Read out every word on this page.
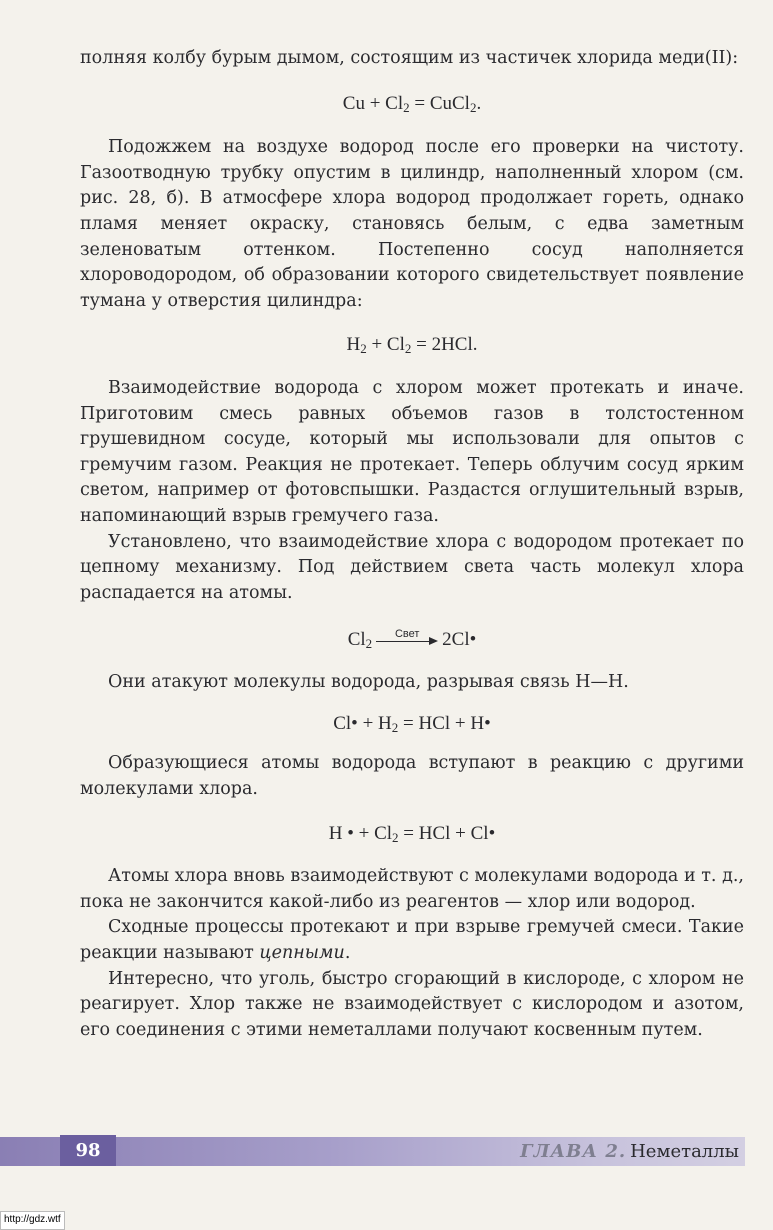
полняя колбу бурым дымом, состоящим из частичек хлорида меди(II):

$Cu + Cl_2$ = CuCl$_2$.

Подожжем на воздухе водород после его проверки на чистоту. Газоотводную трубку опустим в цилиндр, наполненный хлором (см. рис. 28, б). В атмосфере хлора водород продолжает гореть, однако пламя меняет окраску, становясь белым, с едва заметным зеленоватым оттенком. Постепенно сосуд наполняется хлороводородом, об образовании которого свидетельствует появление тумана у отверстия цилиндра:

$H_2 + Cl_2 = 2HCl$.

Взаимодействие водорода с хлором может протекать и иначе. Приготовим смесь равных объемов газов в толстостенном грушевидном сосуде, который мы использовали для опытов с гремучим газом. Реакция не протекает. Теперь облучим сосуд ярким светом, например от фотовспышки. Раздастся оглушительный взрыв, напоминающий взрыв гремучего газа.

Установлено, что взаимодействие хлора с водородом протекает по цепному механизму. Под действием света часть молекул хлора распадается на атомы.

$Cl_2$
Свет	2Cl•

Они атакуют молекулы водорода, разрывая связь Н—Н.

Cl• + $H_2$ = HCl + H•

Образующиеся атомы водорода вступают в реакцию с другими молекулами хлора.

H • + $Cl_2$ = HCl + Cl•

Атомы хлора вновь взаимодействуют с молекулами водорода и т. д., пока не закончится какой-либо из реагентов — хлор или водород.

Сходные процессы протекают и при взрыве гремучей смеси. Такие реакции называют цепными.

Интересно, что уголь, быстро сгорающий в кислороде, с хлором не реагирует. Хлор также не взаимодействует с кислородом и азотом, его соединения с этими неметаллами получают косвенным путем.

98	ГЛАВА 2. Неметаллы
http://gdz.wtf
